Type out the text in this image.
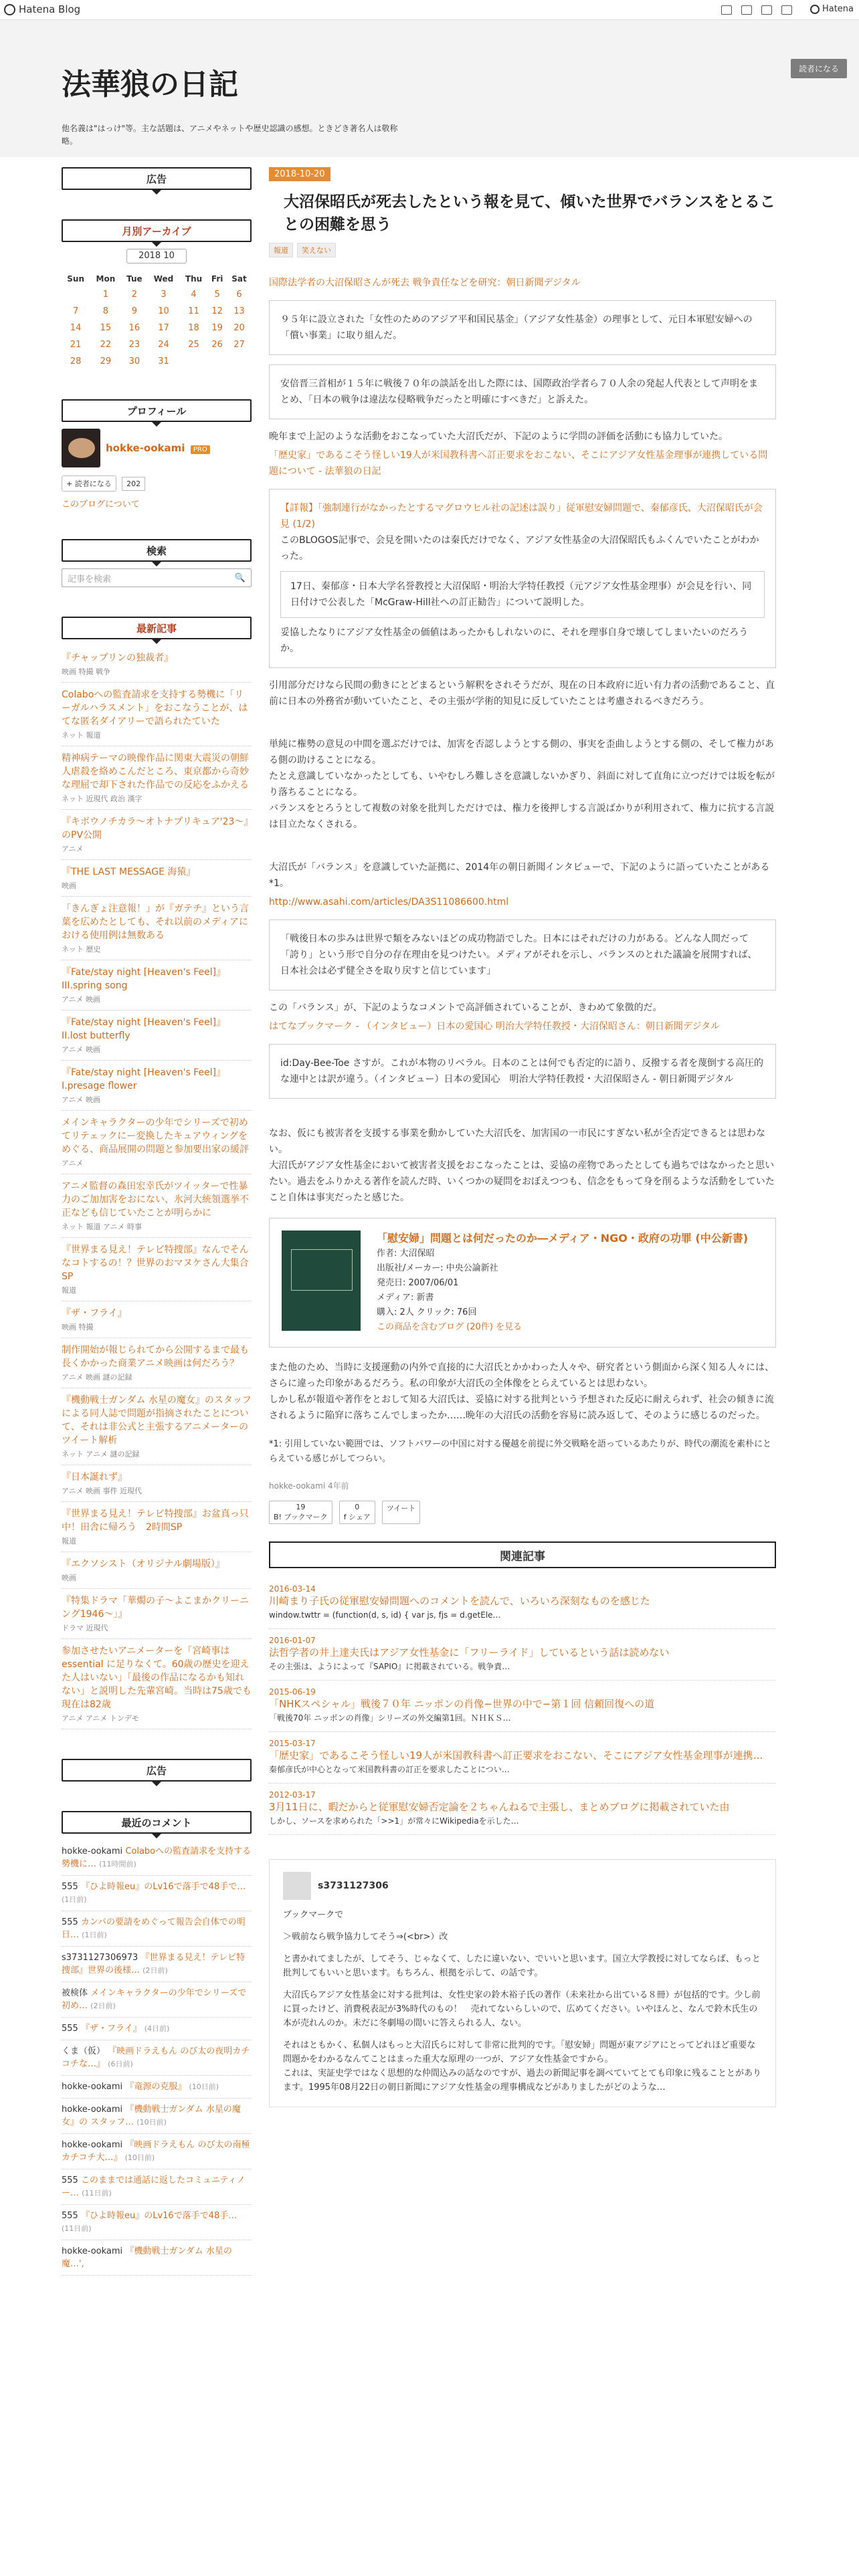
Hatena Blog	Hatena
法華狼の日記
他名義は"はっけ"等。主な話題は、アニメやネットや歴史認識の感想。ときどき著名人は敬称略。
読者になる
広告
月別アーカイブ
2018 10
Sun	Mon	Tue	Wed	Thu	Fri	Sat
	1	2	3	4	5	6
7	8	9	10	11	12	13
14	15	16	17	18	19	20
21	22	23	24	25	26	27
28	29	30	31			
プロフィール
hokke-ookami PRO
+ 読者になる 202
このブログについて
検索
記事を検索	🔍
最新記事
『チャップリンの独裁者』
映画 特撮 戦争
Colaboへの監査請求を支持する勢機に「リーガルハラスメント」をおこなうことが、はてな匿名ダイアリーで語られたていた
ネット 報道
精神病テーマの映像作品に関東大震災の朝鮮人虐殺を絡めこんだところ、東京都から奇妙な理屈で却下された作品での反応をふかえる
ネット 近現代 政治 漢字
『キボウノチカラ〜オトナプリキュア'23〜』のPV公開
アニメ
『THE LAST MESSAGE 海猿』
映画
「きんぎょ注意報！」が『ガテチ』という言葉を広めたとしても、それ以前のメディアにおける使用例は無数ある
ネット 歴史
『Fate/stay night [Heaven's Feel]』 III.spring song
アニメ 映画
『Fate/stay night [Heaven's Feel]』 II.lost butterfly
アニメ 映画
『Fate/stay night [Heaven's Feel]』 I.presage flower
アニメ 映画
メインキャラクターの少年でシリーズで初めてリテェックにー変換したキュアウィングをめぐる、商品展開の問題と参加要出家の緩評
アニメ
アニメ監督の森田宏幸氏がツイッターで性暴力のご加加害をおにない、氷河大統領選挙不正なども信じていたことが明らかに
ネット 報道 アニメ 時事
『世界まる見え！テレビ特捜部』なんでそんなコトするの！？世界のおマヌケさん大集合SP
報道
『ザ・フライ』
映画 特撮
制作開始が報じられてから公開するまで最も長くかかった商業アニメ映画は何だろう？
アニメ 映画 謎の記録
『機動戦士ガンダム 水星の魔女』のスタッフによる同人誌で問題が指摘されたことについて、それは非公式と主張するアニメーターのツイート解析
ネット アニメ 謎の記録
『日本誕れず』
アニメ 映画 事件 近現代
『世界まる見え！テレビ特捜部』お盆真っ只中！田舎に帰ろう　2時間SP
報道
『エクソシスト（オリジナル劇場版）』
映画
『特集ドラマ「華燭の子〜よこまかクリーニング1946〜」』
ドラマ 近現代
参加させたいアニメーターを「宮崎事は essential に足りなくて。60歳の歴史を迎えた人はいない」「最後の作品になるかも知れない」と説明した先輩宮崎。当時は75歳でも現在は82歳
アニメ アニメ トンデモ
広告
最近のコメント
hokke-ookami Colaboへの監査請求を支持する勢機に… (11時間前)
555 『ひよ時報eu』のLv16で落手で48手で… (1日前)
555 カンパの要請をめぐって報告会自体での明日… (1日前)
s3731127306973 『世界まる見え！テレビ特捜部』世界の後様… (2日前)
被検体 メインキャラクターの少年でシリーズで初め… (2日前)
555 『ザ・フライ』 (4日前)
くま（仮） 『映画ドラえもん のび太の夜明カチコチな…』 (6日前)
hokke-ookami 『竜源の克服』 (10日前)
hokke-ookami 『機動戦士ガンダム 水星の魔女』の スタッフ… (10日前)
hokke-ookami 『映画ドラえもん のび太の南極カチコチ大…』 (10日前)
555 このままでは通話に返したコミュニティノー… (11日前)
555 『ひよ時報eu』のLv16で落手で48手… (11日前)
hokke-ookami 『機動戦士ガンダム 水星の魔…',
2018-10-20
大沼保昭氏が死去したという報を見て、傾いた世界でバランスをとることの困難を思う
報道	笑えない
国際法学者の大沼保昭さんが死去 戦争責任などを研究：朝日新聞デジタル
９５年に設立された「女性のためのアジア平和国民基金」（アジア女性基金）の理事として、元日本軍慰安婦への「償い事業」に取り組んだ。
安倍晋三首相が１５年に戦後７０年の談話を出した際には、国際政治学者ら７０人余の発起人代表として声明をまとめ、「日本の戦争は違法な侵略戦争だったと明確にすべきだ」と訴えた。
晩年まで上記のような活動をおこなっていた大沼氏だが、下記のように学問の評価を活動にも協力していた。
「歴史家」であるこそう怪しい19人が米国教科書へ訂正要求をおこない、そこにアジア女性基金理事が連携している問題について - 法華狼の日記
【詳報】「強制連行がなかったとするマグロウヒル社の記述は誤り」従軍慰安婦問題で、秦郁彦氏、大沼保昭氏が会見 (1/2)
このBLOGOS記事で、会見を開いたのは秦氏だけでなく、アジア女性基金の大沼保昭氏もふくんでいたことがわかった。
17日、秦郁彦・日本大学名誉教授と大沼保昭・明治大学特任教授（元アジア女性基金理事）が会見を行い、同日付けで公表した「McGraw-Hill社への訂正勧告」について説明した。
妥協したなりにアジア女性基金の価値はあったかもしれないのに、それを理事自身で壊してしまいたいのだろうか。
引用部分だけなら民間の動きにとどまるという解釈をされそうだが、現在の日本政府に近い有力者の活動であること、直前に日本の外務省が動いていたこと、その主張が学術的知見に反していたことは考慮されるべきだろう。
単純に権勢の意見の中間を選ぶだけでは、加害を否認しようとする側の、事実を歪曲しようとする側の、そして権力がある側の助けることになる。
たとえ意識していなかったとしても、いやむしろ難しさを意識しないかぎり、斜面に対して直角に立つだけでは坂を転がり落ちることになる。
バランスをとろうとして複数の対象を批判しただけでは、権力を後押しする言説ばかりが利用されて、権力に抗する言説は目立たなくされる。
大沼氏が「バランス」を意識していた証拠に、2014年の朝日新聞インタビューで、下記のように語っていたことがある*1。
http://www.asahi.com/articles/DA3S11086600.html
「戦後日本の歩みは世界で類をみないほどの成功物語でした。日本にはそれだけの力がある。どんな人間だって「誇り」という形で自分の存在理由を見つけたい。メディアがそれを示し、バランスのとれた議論を展開すれば、日本社会は必ず健全さを取り戻すと信じています」
この「バランス」が、下記のようなコメントで高評価されていることが、きわめて象徴的だ。
はてなブックマーク - （インタビュー）日本の愛国心 明治大学特任教授・大沼保昭さん：朝日新聞デジタル
id:Day-Bee-Toe さすが。これが本物のリベラル。日本のことは何でも否定的に語り、反撥する者を蔑倒する高圧的な連中とは訳が違う。（インタビュー）日本の愛国心　明治大学特任教授・大沼保昭さん - 朝日新聞デジタル
なお、仮にも被害者を支援する事業を動かしていた大沼氏を、加害国の一市民にすぎない私が全否定できるとは思わない。
大沼氏がアジア女性基金において被害者支援をおこなったことは、妥協の産物であったとしても過ちではなかったと思いたい。過去をふりかえる著作を読んだ時、いくつかの疑問をおぼえつつも、信念をもって身を削るような活動をしていたこと自体は事実だったと感じた。
「慰安婦」問題とは何だったのか―メディア・NGO・政府の功罪 (中公新書)
作者: 大沼保昭
出版社/メーカー: 中央公論新社
発売日: 2007/06/01
メディア: 新書
購入: 2人 クリック: 76回
この商品を含むブログ (20件) を見る
また他のため、当時に支援運動の内外で直接的に大沼氏とかかわった人々や、研究者という側面から深く知る人々には、さらに違った印象があるだろう。私の印象が大沼氏の全体像をとらえているとは思わない。
しかし私が報道や著作をとおして知る大沼氏は、妥協に対する批判という予想された反応に耐えられず、社会の傾きに流されるように陥穽に落ちこんでしまったか……晩年の大沼氏の活動を容易に読み返して、そのように感じるのだった。
*1: 引用していない範囲では、ソフトパワーの中国に対する優越を前提に外交戦略を語っているあたりが、時代の潮流を素朴にとらえている感じがしてつらい。
hokke-ookami 4年前
19
B! ブックマーク
0
f シェア
ツイート
関連記事
2016-03-14
川崎まり子氏の従軍慰安婦問題へのコメントを読んで、いろいろ深刻なものを感じた
window.twttr = (function(d, s, id) { var js, fjs = d.getEle…
2016-01-07
法哲学者の井上達夫氏はアジア女性基金に「フリーライド」しているという話は読めない
その主張は、ようによって『SAPIO』に掲載されている。戦争責…
2015-06-19
「NHKスペシャル」戦後７０年 ニッポンの肖像−世界の中で−第１回 信頼回復への道
「戦後70年 ニッポンの肖像」シリーズの外交編第1回。ＮＨＫＳ…
2015-03-17
「歴史家」であるこそう怪しい19人が米国教科書へ訂正要求をおこない、そこにアジア女性基金理事が連携…
秦郁彦氏が中心となって米国教科書の訂正を要求したことについ…
2012-03-17
3月11日に、暇だからと従軍慰安婦否定論を２ちゃんねるで主張し、まとめブログに掲載されていた由
しかし、ソースを求められた「>>1」が常々にWikipediaを示した…
s3731127306
ブックマークで
＞戦前なら戦争協力してそう⇒(<br>）改
と書かれてましたが、してそう、じゃなくて、したに違いない、でいいと思います。国立大学教授に対してならば、もっと批判してもいいと思います。もちろん、根拠を示して、の話です。
大沼氏らアジア女性基金に対する批判は、女性史家の鈴木裕子氏の著作（未来社から出ている８冊）が包括的です。少し前に買ったけど、消費税表記が3%時代のもの！　売れてないらしいので、広めてください。いやほんと、なんで鈴木氏生の本が売れんのか。未だに冬劇場の間いに答えられる人、ない。
それはともかく、私個人はもっと大沼氏らに対して非常に批判的です。「慰安婦」問題が東アジアにとってどれほど重要な問題かをわかるなんてことはまった重大な原理の一つが、アジア女性基金ですから。
これは、実証史学ではなく思想的な仲間込みの話なのですが、過去の新聞記事を調べていてとても印象に残ることとがあります。1995年08月22日の朝日新聞にアジア女性基金の理事構成などがありましたがどのような…
